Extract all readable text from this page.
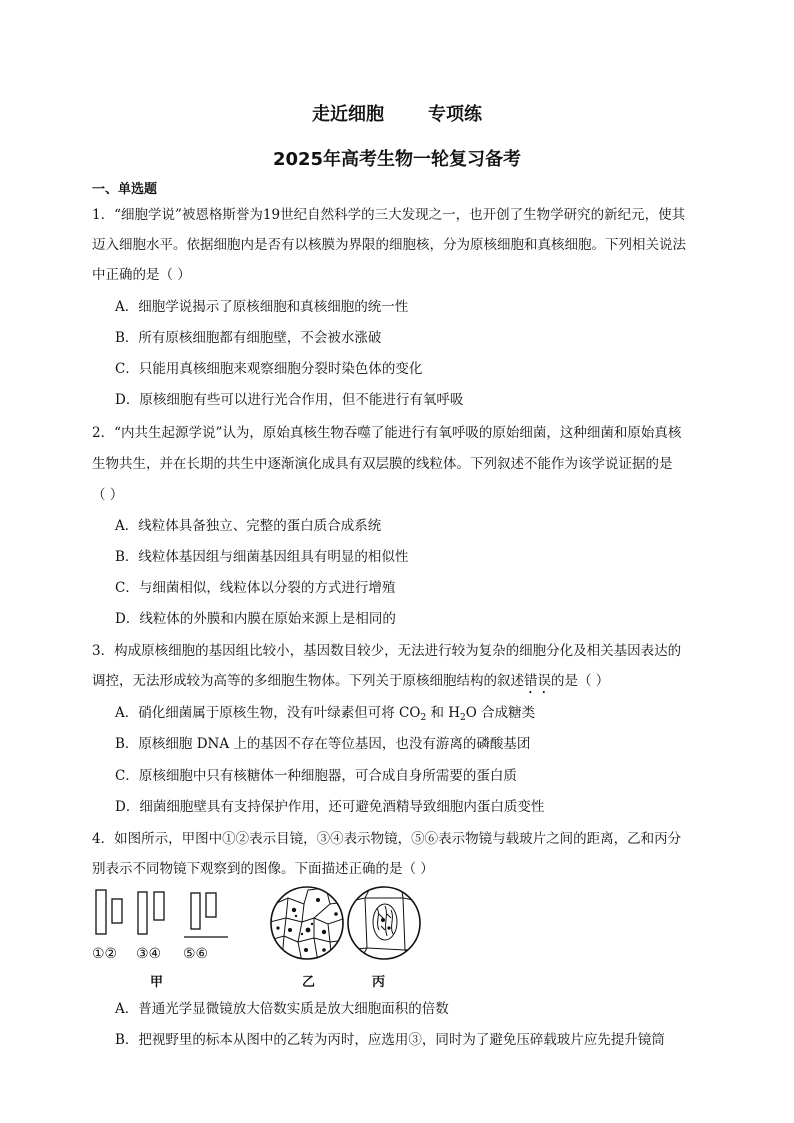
走近细胞 专项练
2025年高考生物一轮复习备考
一、单选题
1．“细胞学说”被恩格斯誉为19世纪自然科学的三大发现之一，也开创了生物学研究的新纪元，使其
迈入细胞水平。依据细胞内是否有以核膜为界限的细胞核，分为原核细胞和真核细胞。下列相关说法
中正确的是（ ）
A．细胞学说揭示了原核细胞和真核细胞的统一性
B．所有原核细胞都有细胞壁，不会被水涨破
C．只能用真核细胞来观察细胞分裂时染色体的变化
D．原核细胞有些可以进行光合作用，但不能进行有氧呼吸
2．“内共生起源学说”认为，原始真核生物吞噬了能进行有氧呼吸的原始细菌，这种细菌和原始真核
生物共生，并在长期的共生中逐渐演化成具有双层膜的线粒体。下列叙述不能作为该学说证据的是
（ ）
A．线粒体具备独立、完整的蛋白质合成系统
B．线粒体基因组与细菌基因组具有明显的相似性
C．与细菌相似，线粒体以分裂的方式进行增殖
D．线粒体的外膜和内膜在原始来源上是相同的
3．构成原核细胞的基因组比较小，基因数目较少，无法进行较为复杂的细胞分化及相关基因表达的
调控，无法形成较为高等的多细胞生物体。下列关于原核细胞结构的叙述错误的是（ ）
A．硝化细菌属于原核生物，没有叶绿素但可将 $CO_2$ 和 $H_2O$ 合成糖类
B．原核细胞 DNA 上的基因不存在等位基因，也没有游离的磷酸基团
C．原核细胞中只有核糖体一种细胞器，可合成自身所需要的蛋白质
D．细菌细胞壁具有支持保护作用，还可避免酒精导致细胞内蛋白质变性
4．如图所示，甲图中①②表示目镜，③④表示物镜，⑤⑥表示物镜与载玻片之间的距离，乙和丙分
别表示不同物镜下观察到的图像。下面描述正确的是（ ）
①② ③④ ⑤⑥
甲	乙	丙
A．普通光学显微镜放大倍数实质是放大细胞面积的倍数
B．把视野里的标本从图中的乙转为丙时，应选用③，同时为了避免压碎载玻片应先提升镜筒
